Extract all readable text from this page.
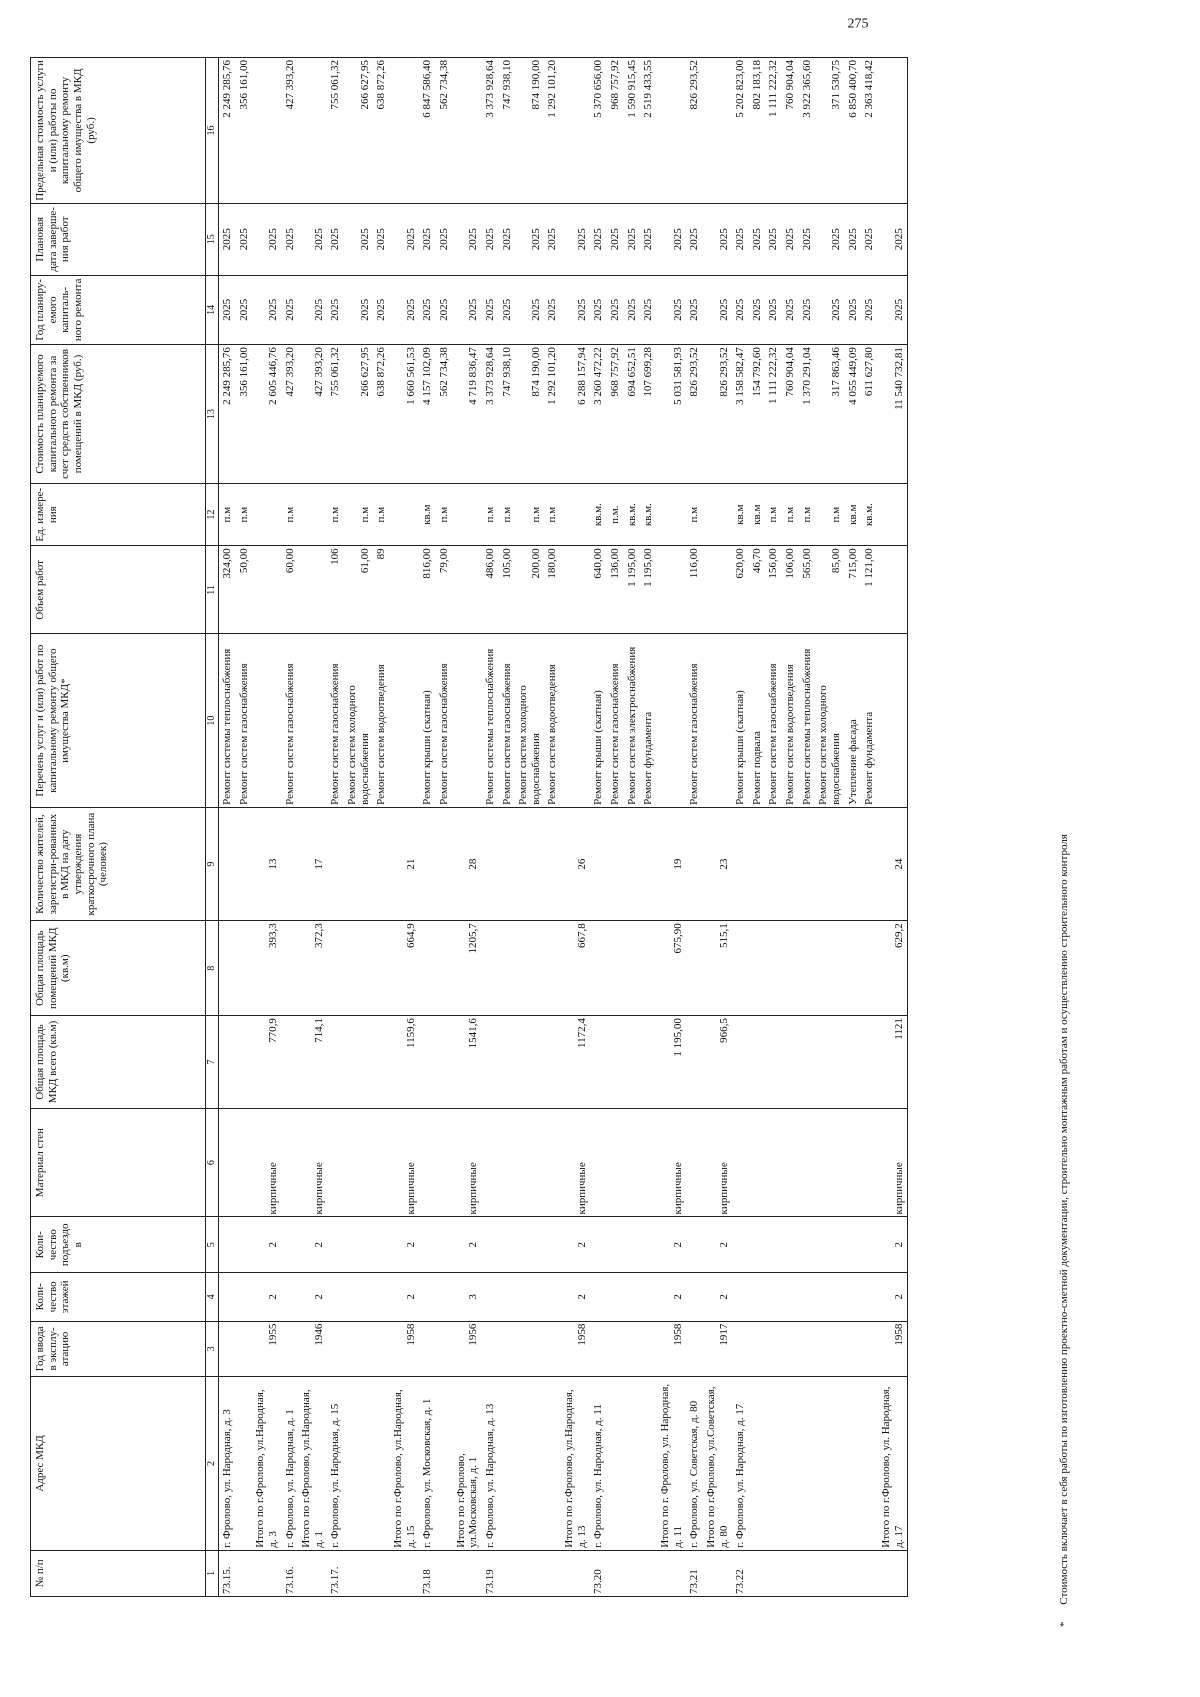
275
№ п/п	Адрес МКД	Год ввода в эксплу-атацию	Коли-чество этажей	Коли-чество подъездо в	Материал стен	Общая площадь МКД всего (кв.м)	Общая площадь помещений МКД (кв.м)	Количество жителей, зарегистри-рованных в МКД на дату утверждения краткосрочного плана (человек)	Перечень услуг и (или) работ по капитальному ремонту общего имущества МКД*	Объем работ	Ед. измере-ния	Стоимость планируемого капитального ремонта за счет средств собственников помещений в МКД (руб.)	Год планиру-емого капиталь-ного ремонта	Плановая дата заверше-ния работ	Предельная стоимость услуги и (или) работы по капитальному ремонту общего имущества в МКД (руб.)
1	2	3	4	5	6	7	8	9	10	11	12	13	14	15	16
73.15.	г. Фролово, ул. Народная, д. 3								Ремонт системы теплоснабжения	324,00	п.м	2 249 285,76	2025	2025	2 249 285,76
									Ремонт систем газоснабжения	50,00	п.м	356 161,00	2025	2025	356 161,00
	Итого по г.Фролово, ул.Народная, д. 3	1955	2	2	кирпичные	770,9	393,3	13				2 605 446,76	2025	2025	
73.16.	г. Фролово, ул. Народная, д. 1								Ремонт систем газоснабжения	60,00	п.м	427 393,20	2025	2025	427 393,20
	Итого по г.Фролово, ул.Народная, д. 1	1946	2	2	кирпичные	714,1	372,3	17				427 393,20	2025	2025	
73.17.	г. Фролово, ул. Народная, д. 15								Ремонт систем газоснабжения	106	п.м	755 061,32	2025	2025	755 061,32
									Ремонт систем холодного водоснабжения	61,00	п.м	266 627,95	2025	2025	266 627,95
									Ремонт систем водоотведения	89	п.м	638 872,26	2025	2025	638 872,26
	Итого по г.Фролово, ул.Народная, д. 15	1958	2	2	кирпичные	1159,6	664,9	21				1 660 561,53	2025	2025	
73.18	г. Фролово, ул. Московская, д. 1								Ремонт крыши (скатная)	816,00	кв.м	4 157 102,09	2025	2025	6 847 586,40
									Ремонт систем газоснабжения	79,00	п.м	562 734,38	2025	2025	562 734,38
	Итого по г.Фролово, ул.Московская, д. 1	1956	3	2	кирпичные	1541,6	1205,7	28				4 719 836,47	2025	2025	
73.19	г. Фролово, ул. Народная, д. 13								Ремонт системы теплоснабжения	486,00	п.м	3 373 928,64	2025	2025	3 373 928,64
									Ремонт систем газоснабжения	105,00	п.м	747 938,10	2025	2025	747 938,10
									Ремонт систем холодного водоснабжения	200,00	п.м	874 190,00	2025	2025	874 190,00
									Ремонт систем водоотведения	180,00	п.м	1 292 101,20	2025	2025	1 292 101,20
	Итого по г.Фролово, ул.Народная, д. 13	1958	2	2	кирпичные	1172,4	667,8	26				6 288 157,94	2025	2025	
73.20	г. Фролово, ул. Народная, д. 11								Ремонт крыши (скатная)	640,00	кв.м.	3 260 472,22	2025	2025	5 370 656,00
									Ремонт систем газоснабжения	136,00	п.м.	968 757,92	2025	2025	968 757,92
									Ремонт систем электроснабжения	1 195,00	кв.м.	694 652,51	2025	2025	1 590 915,45
									Ремонт фундамента	1 195,00	кв.м.	107 699,28	2025	2025	2 519 433,55
	Итого по г. Фролово, ул. Народная, д. 11	1958	2	2	кирпичные	1 195,00	675,90	19				5 031 581,93	2025	2025	
73.21	г. Фролово, ул. Советская, д. 80								Ремонт систем газоснабжения	116,00	п.м	826 293,52	2025	2025	826 293,52
	Итого по г.Фролово, ул.Советская, д. 80	1917	2	2	кирпичные	966,5	515,1	23				826 293,52	2025	2025	
73.22	г. Фролово, ул. Народная, д. 17								Ремонт крыши (скатная)	620,00	кв.м	3 158 582,47	2025	2025	5 202 823,00
									Ремонт подвала	46,70	кв.м	154 792,60	2025	2025	802 183,18
									Ремонт систем газоснабжения	156,00	п.м	1 111 222,32	2025	2025	1 111 222,32
									Ремонт систем водоотведения	106,00	п.м	760 904,04	2025	2025	760 904,04
									Ремонт системы теплоснабжения	565,00	п.м	1 370 291,04	2025	2025	3 922 365,60
									Ремонт систем холодного водоснабжения	85,00	п.м	317 863,46	2025	2025	371 530,75
									Утепление фасада	715,00	кв.м	4 055 449,09	2025	2025	6 850 400,70
									Ремонт фундамента	1 121,00	кв.м.	611 627,80	2025	2025	2 363 418,42
	Итого по г.Фролово, ул. Народная, д. 17	1958	2	2	кирпичные	1121	629,2	24				11 540 732,81	2025	2025	
* Стоимость включает в себя работы по изготовлению проектно-сметной документации, строительно монтажным работам и осуществлению строительного контроля
